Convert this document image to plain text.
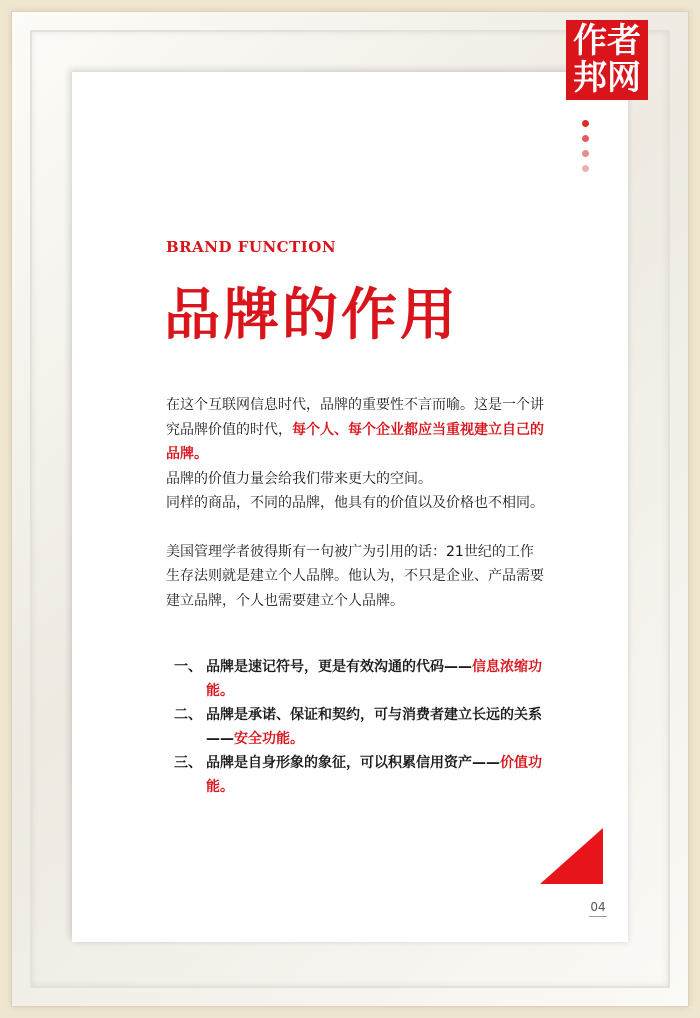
作者
邦网
BRAND FUNCTION
品牌的作用

在这个互联网信息时代，品牌的重要性不言而喻。这是一个讲究品牌价值的时代，每个人、每个企业都应当重视建立自己的品牌。

品牌的价值力量会给我们带来更大的空间。

同样的商品，不同的品牌，他具有的价值以及价格也不相同。

美国管理学者彼得斯有一句被广为引用的话：21世纪的工作生存法则就是建立个人品牌。他认为，不只是企业、产品需要建立品牌，个人也需要建立个人品牌。

一、 品牌是速记符号，更是有效沟通的代码——信息浓缩功能。
二、 品牌是承诺、保证和契约，可与消费者建立长远的关系——安全功能。
三、 品牌是自身形象的象征，可以积累信用资产——价值功能。
04
